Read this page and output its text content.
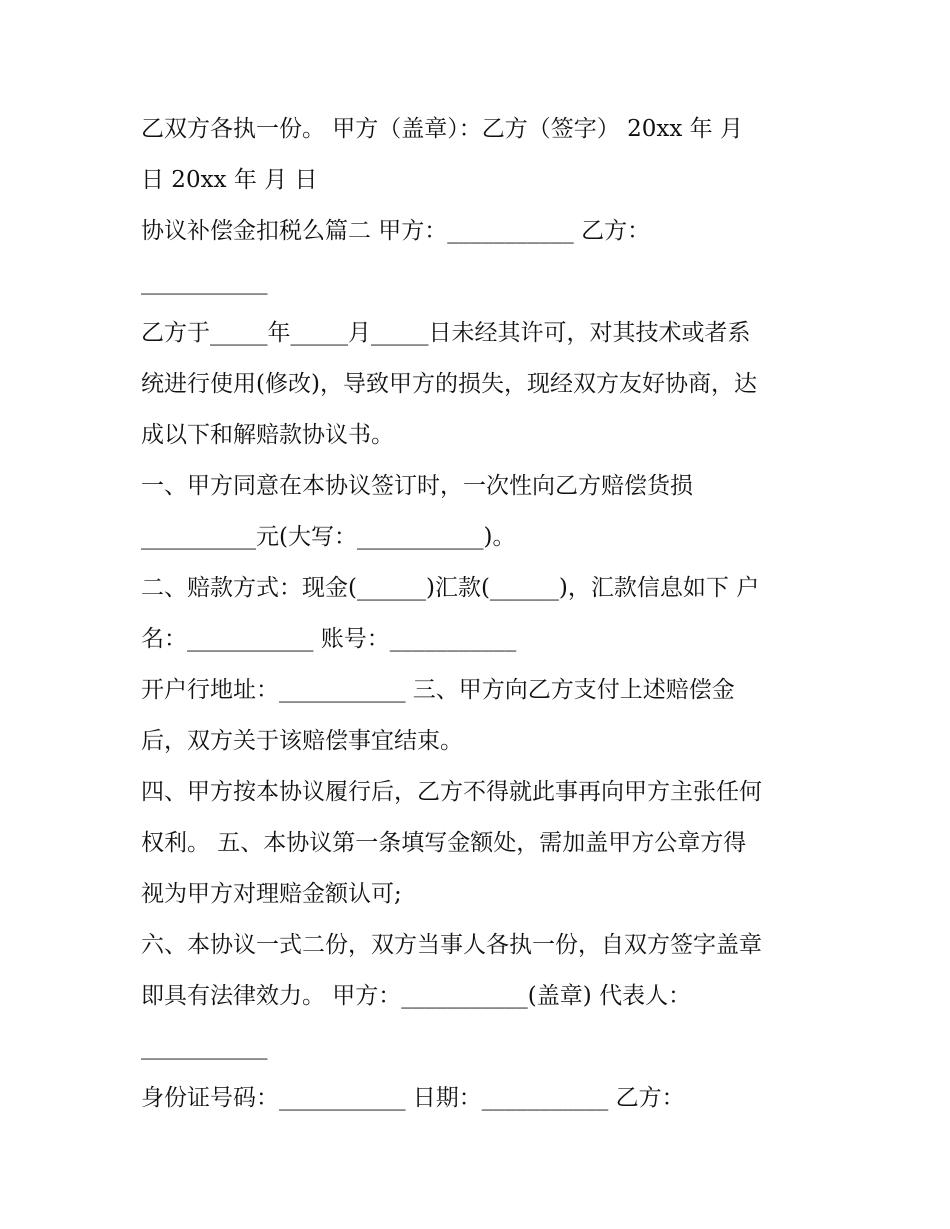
乙双方各执一份。 甲方（盖章）：乙方（签字） 20xx 年 月
日 20xx 年 月 日
协议补偿金扣税么篇二 甲方：___________ 乙方：
___________
乙方于_____年_____月_____日未经其许可，对其技术或者系
统进行使用(修改)，导致甲方的损失，现经双方友好协商，达
成以下和解赔款协议书。
一、甲方同意在本协议签订时，一次性向乙方赔偿货损
__________元(大写：___________)。
二、赔款方式：现金(______)汇款(______)，汇款信息如下 户
名：___________ 账号：___________
开户行地址：___________ 三、甲方向乙方支付上述赔偿金
后，双方关于该赔偿事宜结束。
四、甲方按本协议履行后，乙方不得就此事再向甲方主张任何
权利。 五、本协议第一条填写金额处，需加盖甲方公章方得
视为甲方对理赔金额认可;
六、本协议一式二份，双方当事人各执一份，自双方签字盖章
即具有法律效力。 甲方：___________(盖章) 代表人：
___________
身份证号码：___________ 日期：___________ 乙方：
